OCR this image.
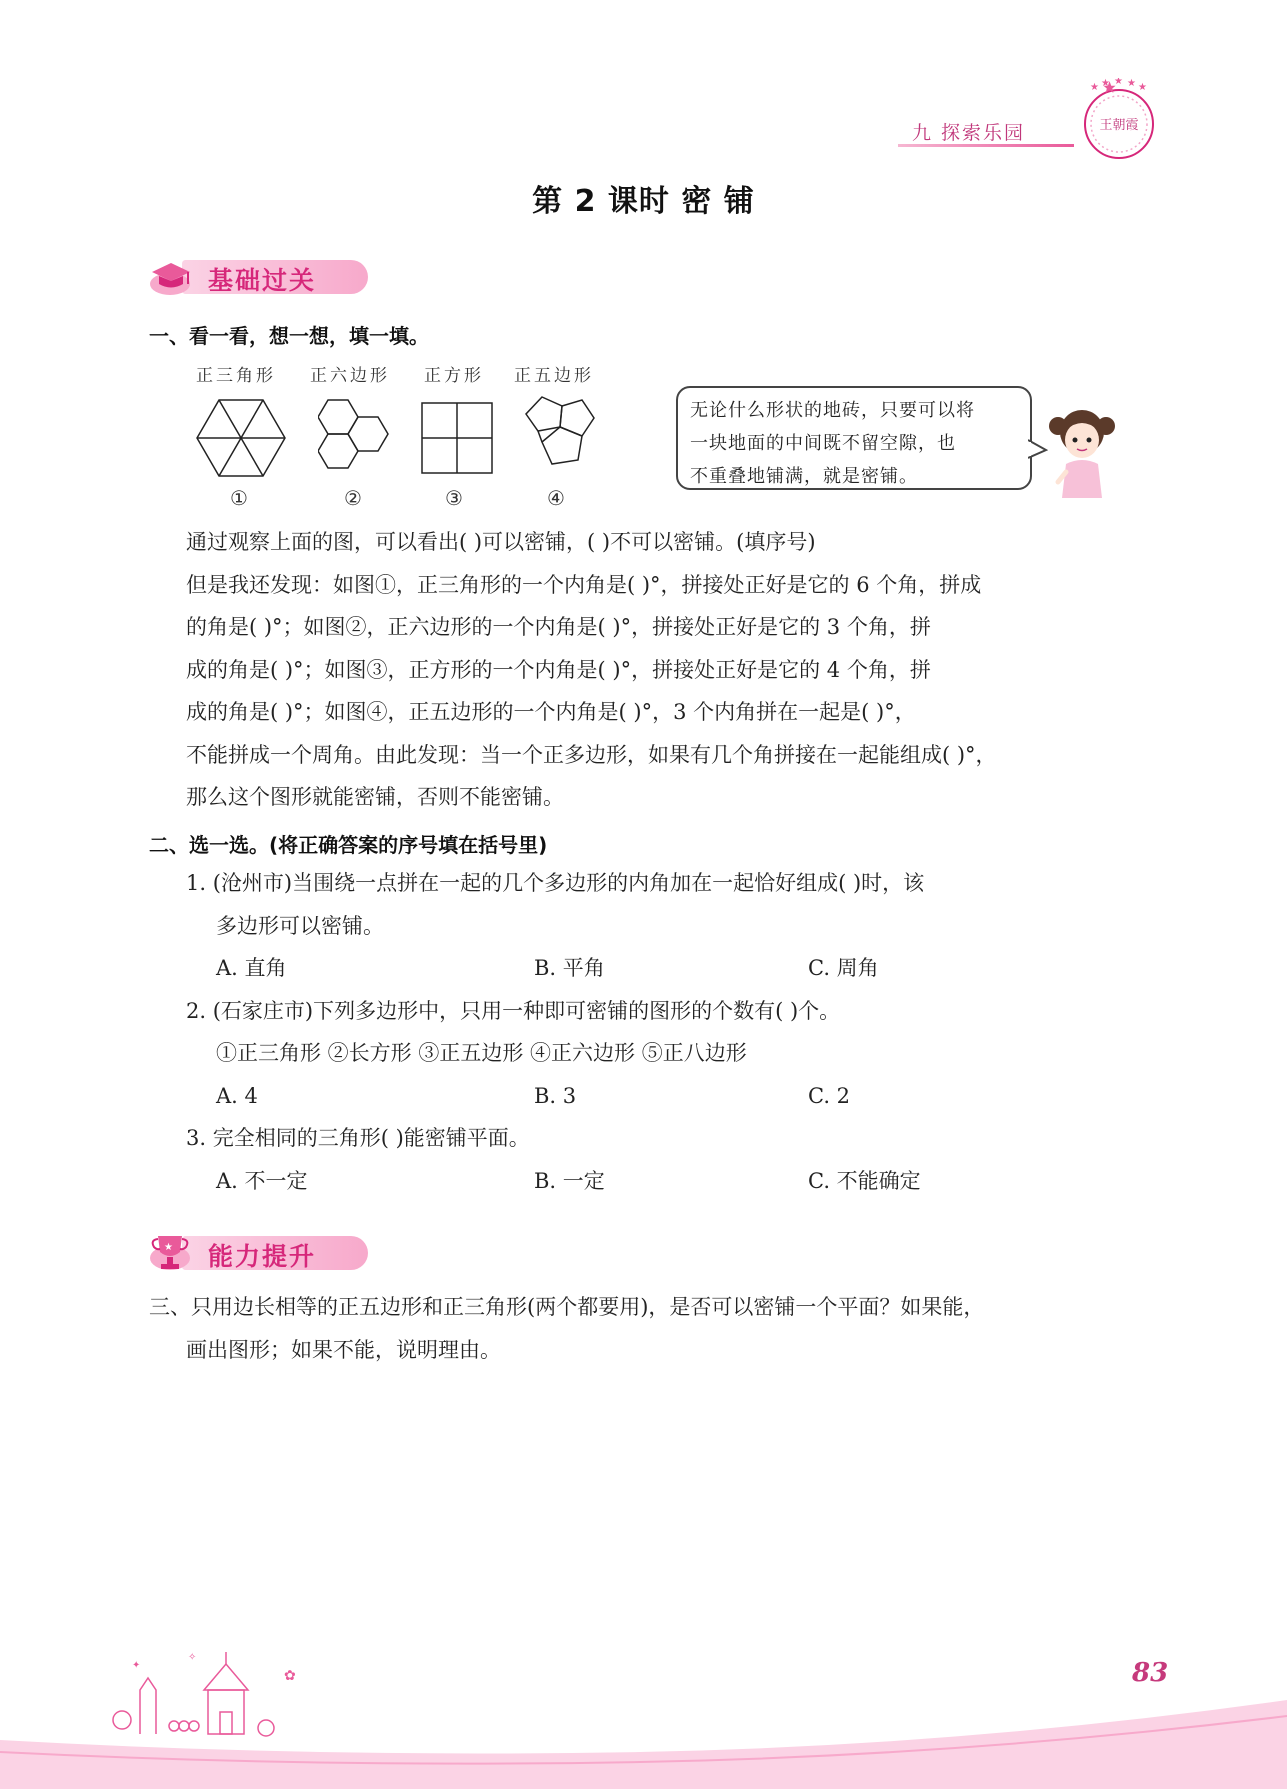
★ ★ ★ ★ ★
王朝霞
九 探索乐园
第 2 课时 密 铺
基础过关
一、看一看，想一想，填一填。
正三角形 正六边形 正方形 正五边形
①	②	③	④
无论什么形状的地砖，只要可以将
一块地面的中间既不留空隙，也
不重叠地铺满，就是密铺。
通过观察上面的图，可以看出( )可以密铺，( )不可以密铺。(填序号)
但是我还发现：如图①，正三角形的一个内角是( )°，拼接处正好是它的 6 个角，拼成
的角是( )°；如图②，正六边形的一个内角是( )°，拼接处正好是它的 3 个角，拼
成的角是( )°；如图③，正方形的一个内角是( )°，拼接处正好是它的 4 个角，拼
成的角是( )°；如图④，正五边形的一个内角是( )°，3 个内角拼在一起是( )°，
不能拼成一个周角。由此发现：当一个正多边形，如果有几个角拼接在一起能组成( )°，
那么这个图形就能密铺，否则不能密铺。
二、选一选。(将正确答案的序号填在括号里)
1. (沧州市)当围绕一点拼在一起的几个多边形的内角加在一起恰好组成( )时，该
多边形可以密铺。
A. 直角	B. 平角	C. 周角
2. (石家庄市)下列多边形中，只用一种即可密铺的图形的个数有( )个。
①正三角形 ②长方形 ③正五边形 ④正六边形 ⑤正八边形
A. 4	B. 3	C. 2
3. 完全相同的三角形( )能密铺平面。
A. 不一定	B. 一定	C. 不能确定
★ 能力提升
三、只用边长相等的正五边形和正三角形(两个都要用)，是否可以密铺一个平面？如果能，
画出图形；如果不能，说明理由。
✿
✦
✧
83
